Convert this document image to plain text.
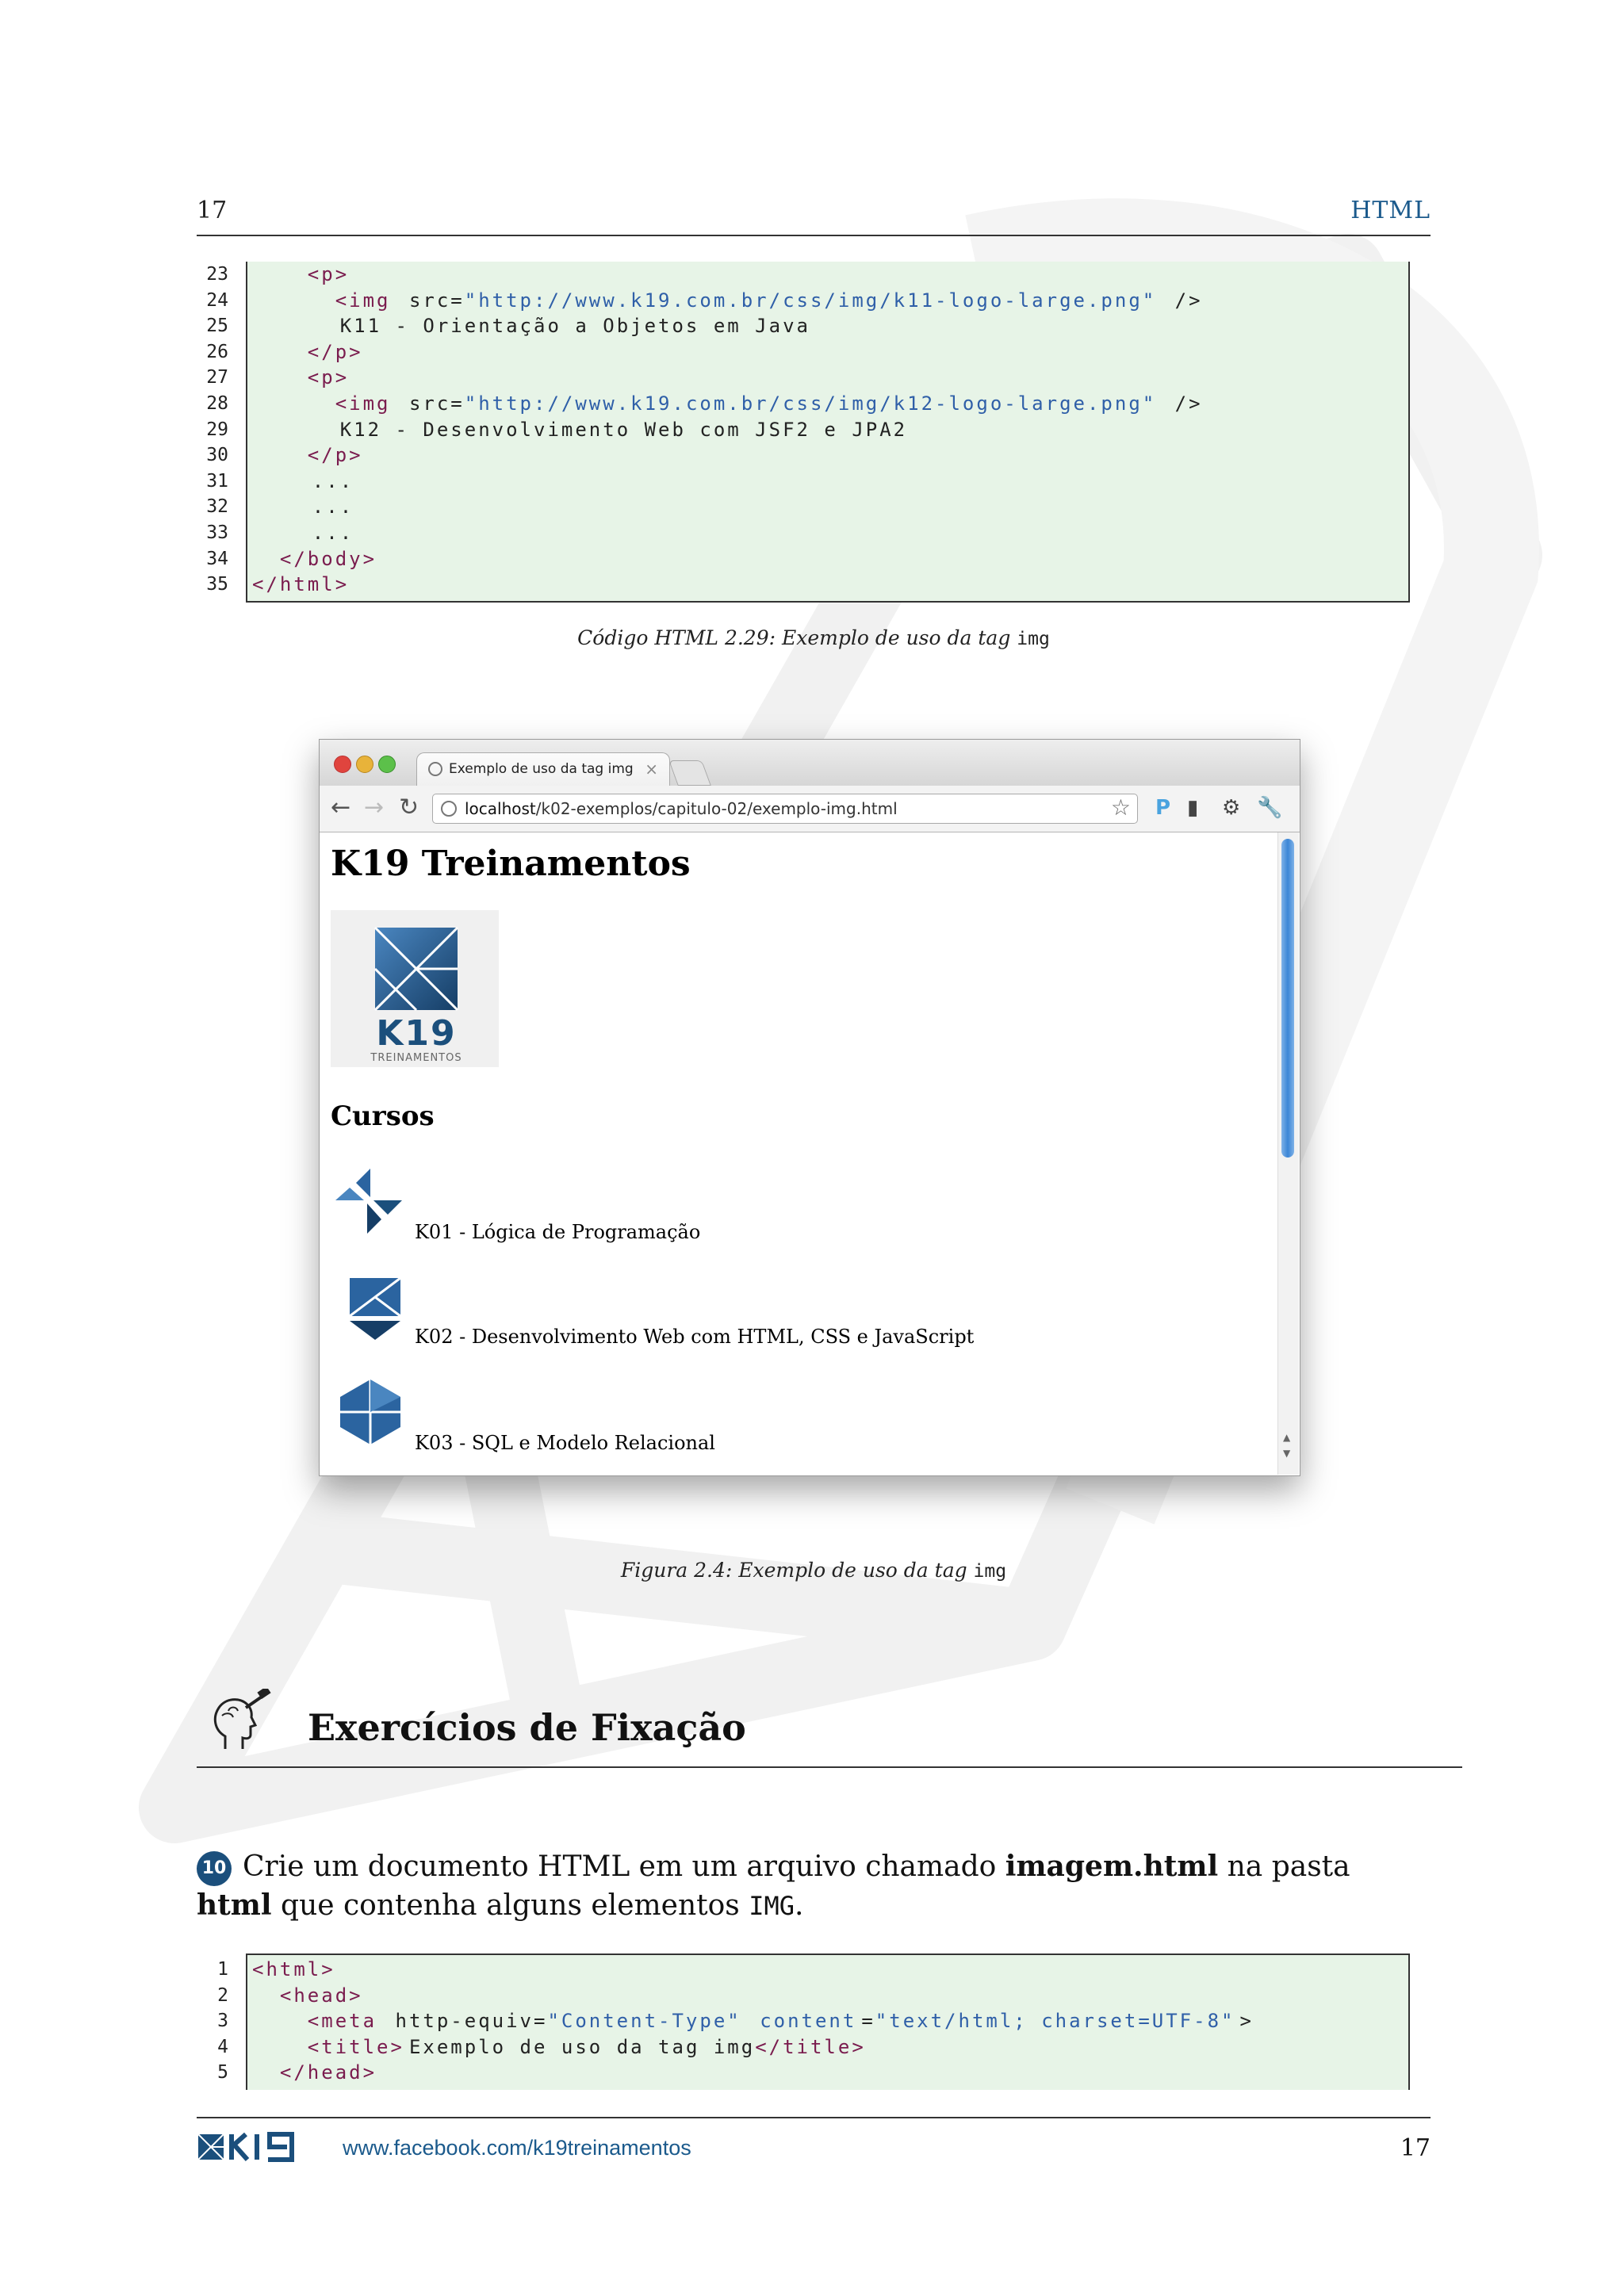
17	HTML
23	<p>
24	<img src="http://www.k19.com.br/css/img/k11-logo-large.png" />
25	K11 - Orientação a Objetos em Java
26	</p>
27	<p>
28	<img src="http://www.k19.com.br/css/img/k12-logo-large.png" />
29	K12 - Desenvolvimento Web com JSF2 e JPA2
30	</p>
31	...
32	...
33	...
34	</body>
35 </html>
Código HTML 2.29: Exemplo de uso da tag img
Exemplo de uso da tag img ×
← → ↻	localhost/k02-exemplos/capitulo-02/exemplo-img.html	☆ P ▮ ⚙ 🔧
K19 Treinamentos
K19
TREINAMENTOS
Cursos
K01 - Lógica de Programação
K02 - Desenvolvimento Web com HTML, CSS e JavaScript
K03 - SQL e Modelo Relacional	▲
▼
Figura 2.4: Exemplo de uso da tag img
Exercícios de Fixação
10 Crie um documento HTML em um arquivo chamado imagem.html na pasta html que contenha alguns elementos IMG.
1 <html>
2	<head>
3	<meta http-equiv="Content-Type" content ="text/html; charset=UTF-8" >
4	<title> Exemplo de uso da tag img</title>
5	</head>
www.facebook.com/k19treinamentos	17
